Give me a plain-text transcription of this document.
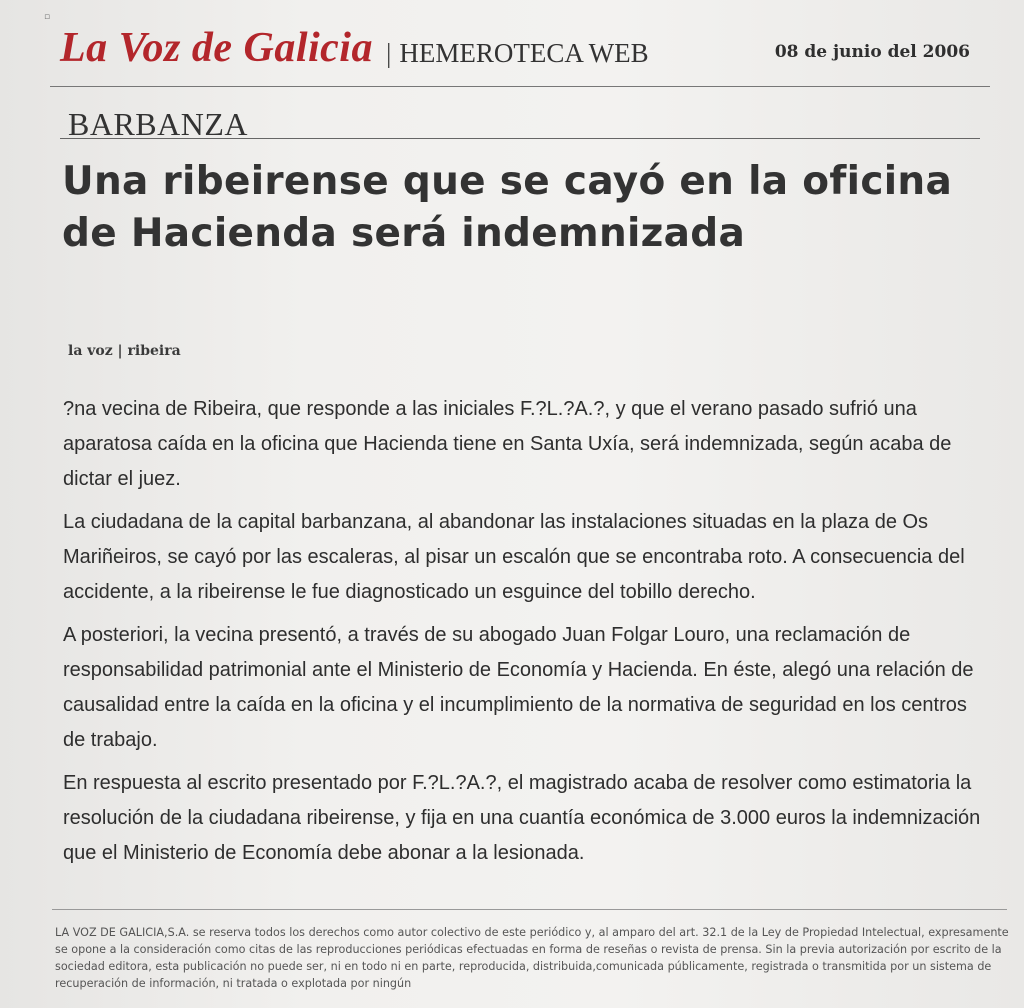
▫
La Voz de Galicia | HEMEROTECA WEB	08 de junio del 2006
BARBANZA
Una ribeirense que se cayó en la oficina de Hacienda será indemnizada
la voz | ribeira

?na vecina de Ribeira, que responde a las iniciales F.?L.?A.?, y que el verano pasado sufrió una aparatosa caída en la oficina que Hacienda tiene en Santa Uxía, será indemnizada, según acaba de dictar el juez.

La ciudadana de la capital barbanzana, al abandonar las instalaciones situadas en la plaza de Os Mariñeiros, se cayó por las escaleras, al pisar un escalón que se encontraba roto. A consecuencia del accidente, a la ribeirense le fue diagnosticado un esguince del tobillo derecho.

A posteriori, la vecina presentó, a través de su abogado Juan Folgar Louro, una reclamación de responsabilidad patrimonial ante el Ministerio de Economía y Hacienda. En éste, alegó una relación de causalidad entre la caída en la oficina y el incumplimiento de la normativa de seguridad en los centros de trabajo.

En respuesta al escrito presentado por F.?L.?A.?, el magistrado acaba de resolver como estimatoria la resolución de la ciudadana ribeirense, y fija en una cuantía económica de 3.000 euros la indemnización que el Ministerio de Economía debe abonar a la lesionada.

LA VOZ DE GALICIA,S.A. se reserva todos los derechos como autor colectivo de este periódico y, al amparo del art. 32.1 de la Ley de Propiedad Intelectual, expresamente se opone a la consideración como citas de las reproducciones periódicas efectuadas en forma de reseñas o revista de prensa. Sin la previa autorización por escrito de la sociedad editora, esta publicación no puede ser, ni en todo ni en parte, reproducida, distribuida,comunicada públicamente, registrada o transmitida por un sistema de recuperación de información, ni tratada o explotada por ningún
